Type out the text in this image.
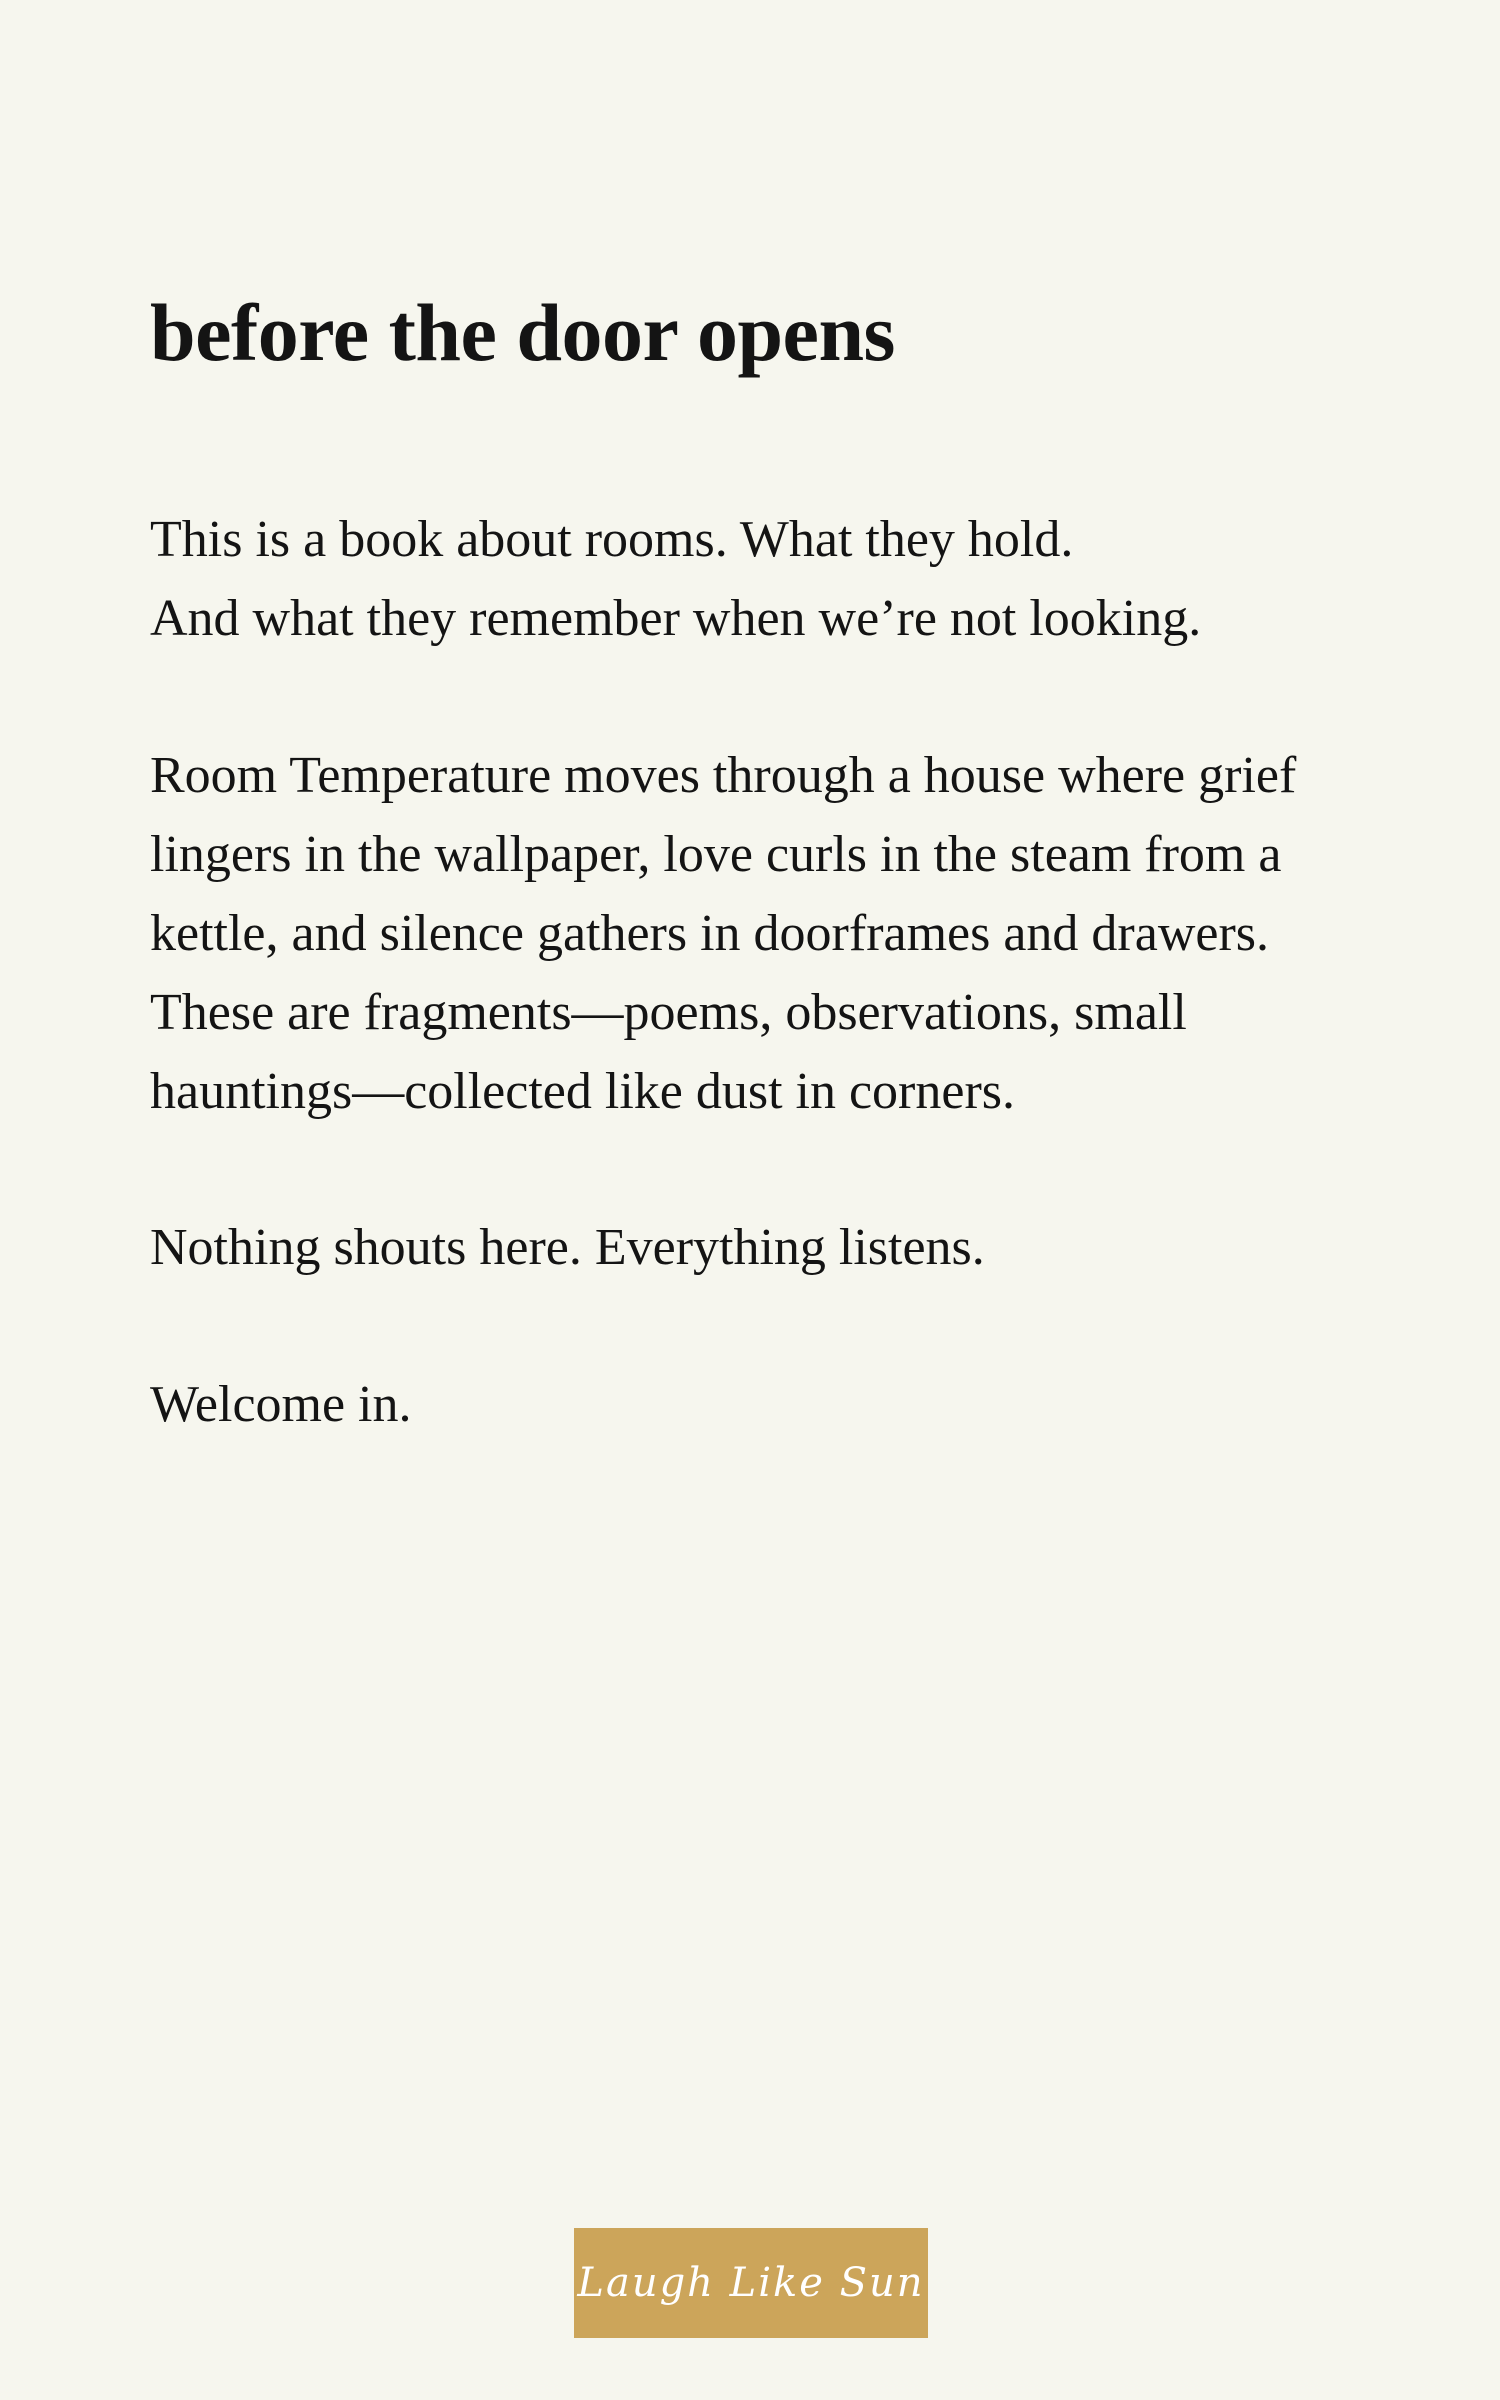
before the door opens

This is a book about rooms. What they hold.
And what they remember when we’re not looking.

Room Temperature moves through a house where grief
lingers in the wallpaper, love curls in the steam from a
kettle, and silence gathers in doorframes and drawers.
These are fragments—poems, observations, small
hauntings—collected like dust in corners.

Nothing shouts here. Everything listens.

Welcome in.

Laugh Like Sun
